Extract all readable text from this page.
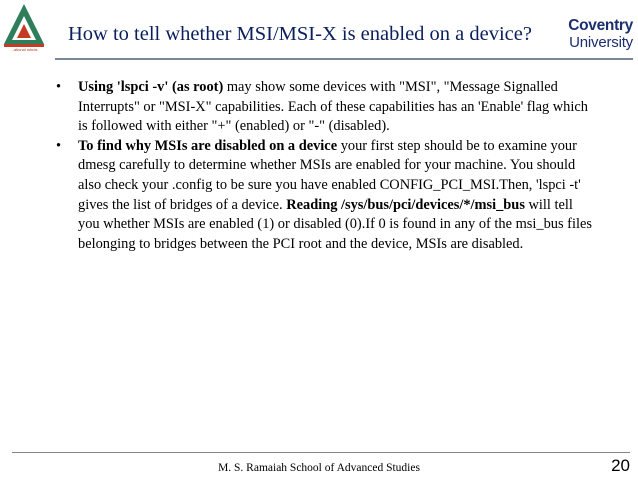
...ational minds
How to tell whether MSI/MSI-X is enabled on a device?	Coventry
University
• Using 'lspci -v' (as root) may show some devices with "MSI", "Message Signalled Interrupts" or "MSI-X" capabilities. Each of these capabilities has an 'Enable' flag which is followed with either "+" (enabled) or "-" (disabled).
• To find why MSIs are disabled on a device your first step should be to examine your dmesg carefully to determine whether MSIs are enabled for your machine. You should also check your .config to be sure you have enabled CONFIG_PCI_MSI.Then, 'lspci -t' gives the list of bridges of a device. Reading /sys/bus/pci/devices/*/msi_bus will tell you whether MSIs are enabled (1) or disabled (0).If 0 is found in any of the msi_bus files belonging to bridges between the PCI root and the device, MSIs are disabled.
M. S. Ramaiah School of Advanced Studies	20
